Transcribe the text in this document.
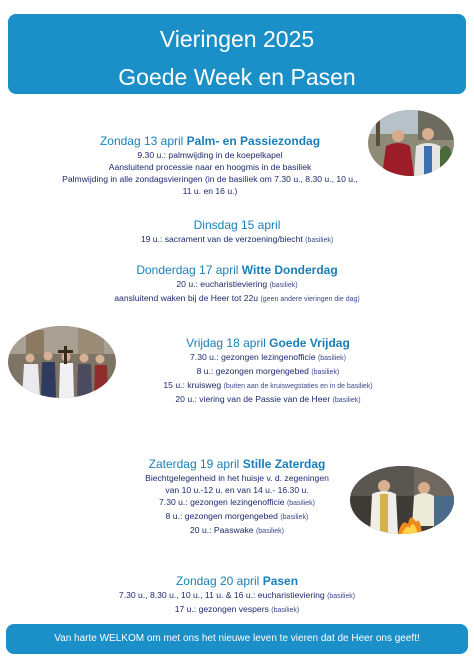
Vieringen 2025
Goede Week en Pasen
Zondag 13 april Palm- en Passiezondag
9.30 u.: palmwijding in de koepelkapel
Aansluitend processie naar en hoogmis in de basiliek
Palmwijding in alle zondagsvieringen (in de basiliek om 7.30 u., 8.30 u., 10 u.,
11 u. en 16 u.)
Dinsdag 15 april
19 u.: sacrament van de verzoening/biecht (basiliek)
Donderdag 17 april Witte Donderdag
20 u.: eucharistieviering (basiliek)
aansluitend waken bij de Heer tot 22u (geen andere vieringen die dag)
Vrijdag 18 april Goede Vrijdag
7.30 u.: gezongen lezingenofficie (basiliek)
8 u.: gezongen morgengebed (basiliek)
15 u.: kruisweg (buiten aan de kruiswegstaties en in de basiliek)
20 u.: viering van de Passie van de Heer (basiliek)
Zaterdag 19 april Stille Zaterdag
Biechtgelegenheid in het huisje v. d. zegeningen
van 10 u.-12 u. en van 14 u.- 16.30 u.
7.30 u.: gezongen lezingenofficie (basiliek)
8 u.: gezongen morgengebed (basiliek)
20 u.: Paaswake (basiliek)
Zondag 20 april Pasen
7.30 u., 8.30 u., 10 u., 11 u. & 16 u.: eucharistieviering (basiliek)
17 u.: gezongen vespers (basiliek)
Van harte WELKOM om met ons het nieuwe leven te vieren dat de Heer ons geeft!
